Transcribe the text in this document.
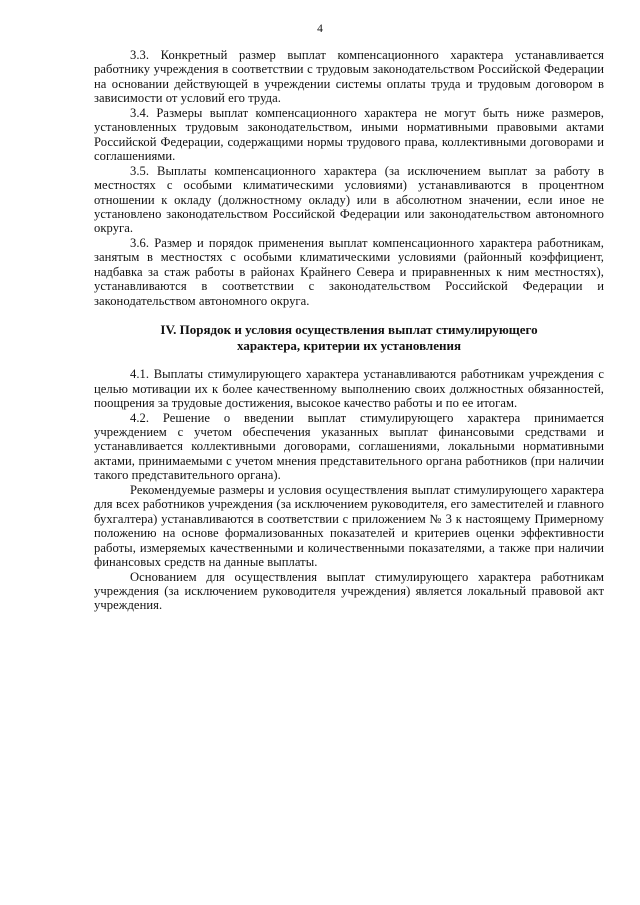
4

3.3. Конкретный размер выплат компенсационного характера устанавливается работнику учреждения в соответствии с трудовым законодательством Российской Федерации на основании действующей в учреждении системы оплаты труда и трудовым договором в зависимости от условий его труда.

3.4. Размеры выплат компенсационного характера не могут быть ниже размеров, установленных трудовым законодательством, иными нормативными правовыми актами Российской Федерации, содержащими нормы трудового права, коллективными договорами и соглашениями.

3.5. Выплаты компенсационного характера (за исключением выплат за работу в местностях с особыми климатическими условиями) устанавливаются в процентном отношении к окладу (должностному окладу) или в абсолютном значении, если иное не установлено законодательством Российской Федерации или законодательством автономного округа.

3.6. Размер и порядок применения выплат компенсационного характера работникам, занятым в местностях с особыми климатическими условиями (районный коэффициент, надбавка за стаж работы в районах Крайнего Севера и приравненных к ним местностях), устанавливаются в соответствии с законодательством Российской Федерации и законодательством автономного округа.

IV. Порядок и условия осуществления выплат стимулирующего характера, критерии их установления

4.1. Выплаты стимулирующего характера устанавливаются работникам учреждения с целью мотивации их к более качественному выполнению своих должностных обязанностей, поощрения за трудовые достижения, высокое качество работы и по ее итогам.

4.2. Решение о введении выплат стимулирующего характера принимается учреждением с учетом обеспечения указанных выплат финансовыми средствами и устанавливается коллективными договорами, соглашениями, локальными нормативными актами, принимаемыми с учетом мнения представительного органа работников (при наличии такого представительного органа).

Рекомендуемые размеры и условия осуществления выплат стимулирующего характера для всех работников учреждения (за исключением руководителя, его заместителей и главного бухгалтера) устанавливаются в соответствии с приложением № 3 к настоящему Примерному положению на основе формализованных показателей и критериев оценки эффективности работы, измеряемых качественными и количественными показателями, а также при наличии финансовых средств на данные выплаты.

Основанием для осуществления выплат стимулирующего характера работникам учреждения (за исключением руководителя учреждения) является локальный правовой акт учреждения.
